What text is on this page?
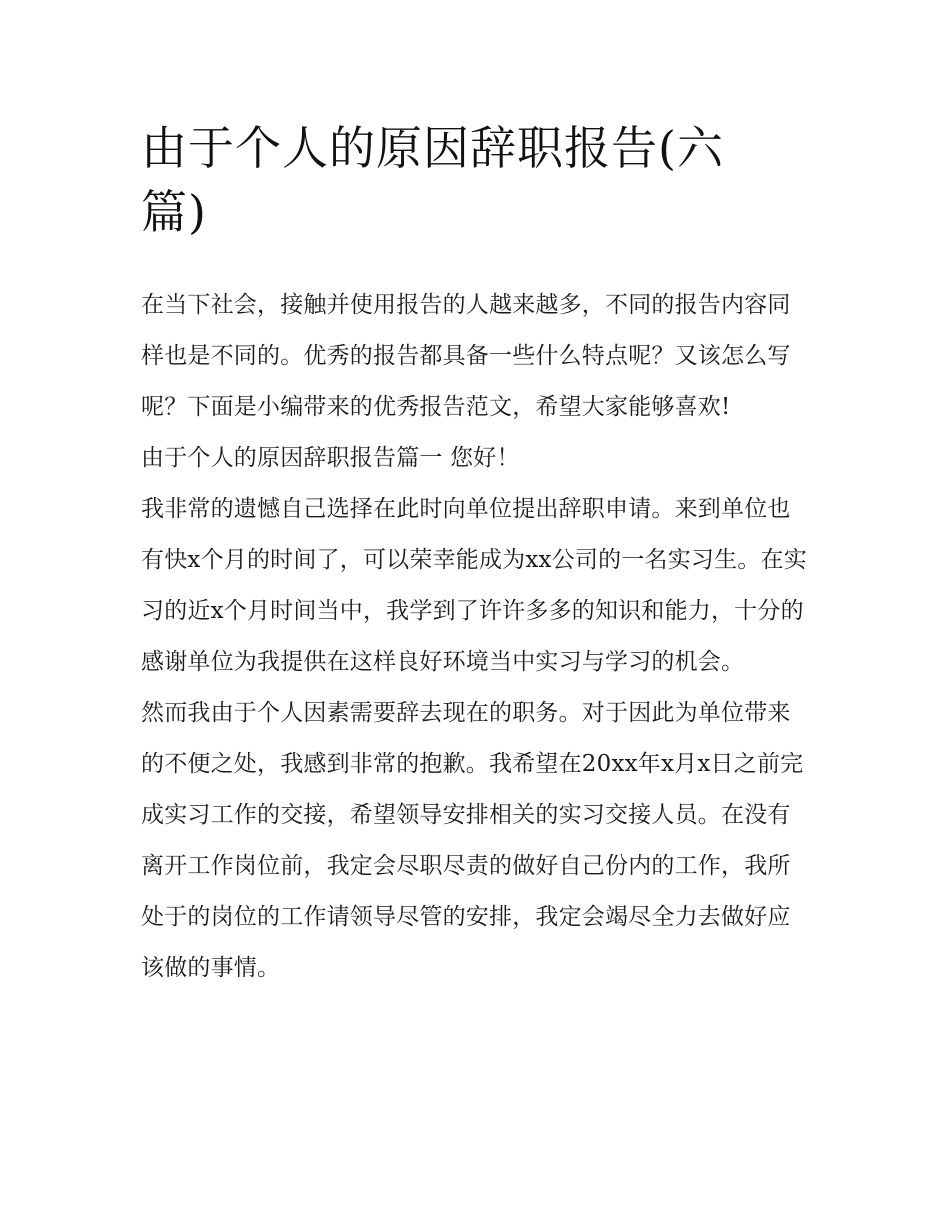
由于个人的原因辞职报告(六篇)

在当下社会，接触并使用报告的人越来越多，不同的报告内容同样也是不同的。优秀的报告都具备一些什么特点呢？又该怎么写呢？下面是小编带来的优秀报告范文，希望大家能够喜欢!

由于个人的原因辞职报告篇一 您好！

我非常的遗憾自己选择在此时向单位提出辞职申请。来到单位也有快x个月的时间了，可以荣幸能成为xx公司的一名实习生。在实习的近x个月时间当中，我学到了许许多多的知识和能力，十分的感谢单位为我提供在这样良好环境当中实习与学习的机会。

然而我由于个人因素需要辞去现在的职务。对于因此为单位带来的不便之处，我感到非常的抱歉。我希望在20xx年x月x日之前完成实习工作的交接，希望领导安排相关的实习交接人员。在没有离开工作岗位前，我定会尽职尽责的做好自己份内的工作，我所处于的岗位的工作请领导尽管的安排，我定会竭尽全力去做好应该做的事情。
